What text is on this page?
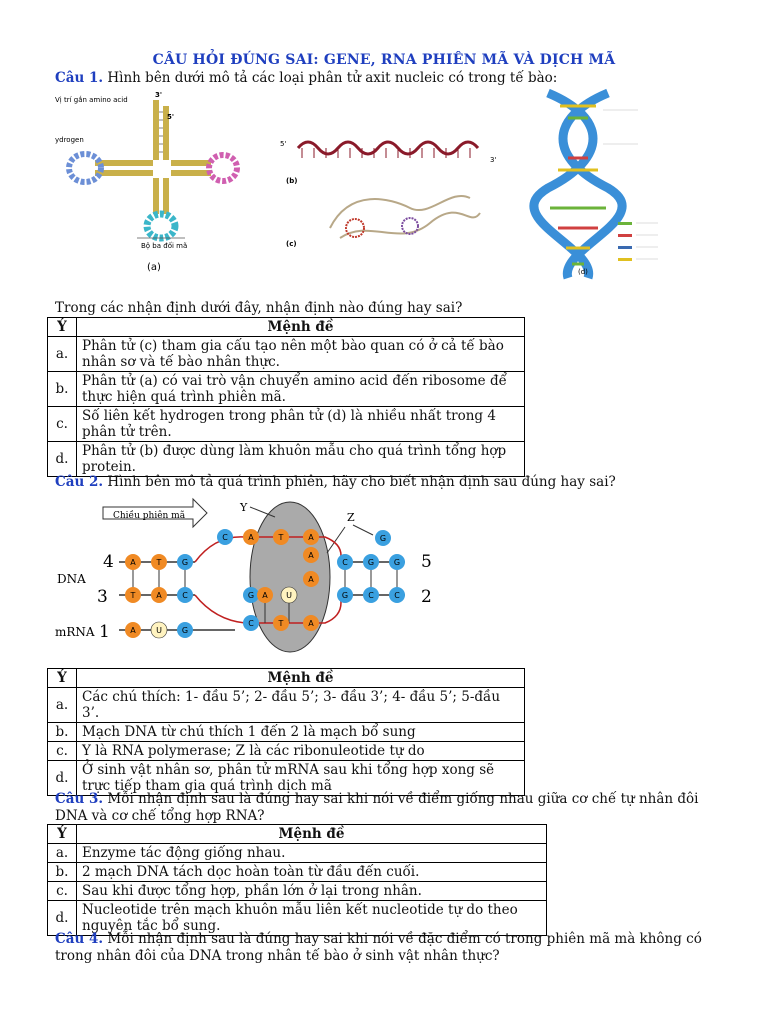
CÂU HỎI ĐÚNG SAI: GENE, RNA PHIÊN MÃ VÀ DỊCH MÃ
Câu 1. Hình bên dưới mô tả các loại phân tử axit nucleic có trong tế bào:
3'
5'
Vị trí gắn amino acid
ydrogen
Bộ ba đối mã
(a)
5'
3'
(b)
(c)
(d)
Trong các nhận định dưới đây, nhận định nào đúng hay sai?
Ý	Mệnh đề
a.	Phân tử (c) tham gia cấu tạo nên một bào quan có ở cả tế bào nhân sơ và tế bào nhân thực.
b.	Phân tử (a) có vai trò vận chuyển amino acid đến ribosome để thực hiện quá trình phiên mã.
c.	Số liên kết hydrogen trong phân tử (d) là nhiều nhất trong 4 phân tử trên.
d.	Phân tử (b) được dùng làm khuôn mẫu cho quá trình tổng hợp protein.
Câu 2. Hình bên mô tả quá trình phiên, hãy cho biết nhận định sau đúng hay sai?
Chiều phiên mã
Y
Z
A	T	G
T	A	C
C	A	T	A
C	G G
G	C	C
A
A
G
G A U
C	T	A
A	U G
DNA
mRNA
4
3
1
5
2
Ý	Mệnh đề
a.	Các chú thích: 1- đầu 5’; 2- đầu 5’; 3- đầu 3’; 4- đầu 5’; 5-đầu 3’.
b.	Mạch DNA từ chú thích 1 đến 2 là mạch bổ sung
c.	Y là RNA polymerase; Z là các ribonuleotide tự do
d.	Ở sinh vật nhân sơ, phân tử mRNA sau khi tổng hợp xong sẽ trực tiếp tham gia quá trình dịch mã
Câu 3. Mỗi nhận định sau là đúng hay sai khi nói về điểm giống nhau giữa cơ chế tự nhân đôi DNA và cơ chế tổng hợp RNA?
Ý	Mệnh đề
a.	Enzyme tác động giống nhau.
b.	2 mạch DNA tách dọc hoàn toàn từ đầu đến cuối.
c.	Sau khi được tổng hợp, phần lớn ở lại trong nhân.
d.	Nucleotide trên mạch khuôn mẫu liên kết nucleotide tự do theo nguyên tắc bổ sung.
Câu 4. Mỗi nhận định sau là đúng hay sai khi nói về đặc điểm có trong phiên mã mà không có trong nhân đôi của DNA trong nhân tế bào ở sinh vật nhân thực?
